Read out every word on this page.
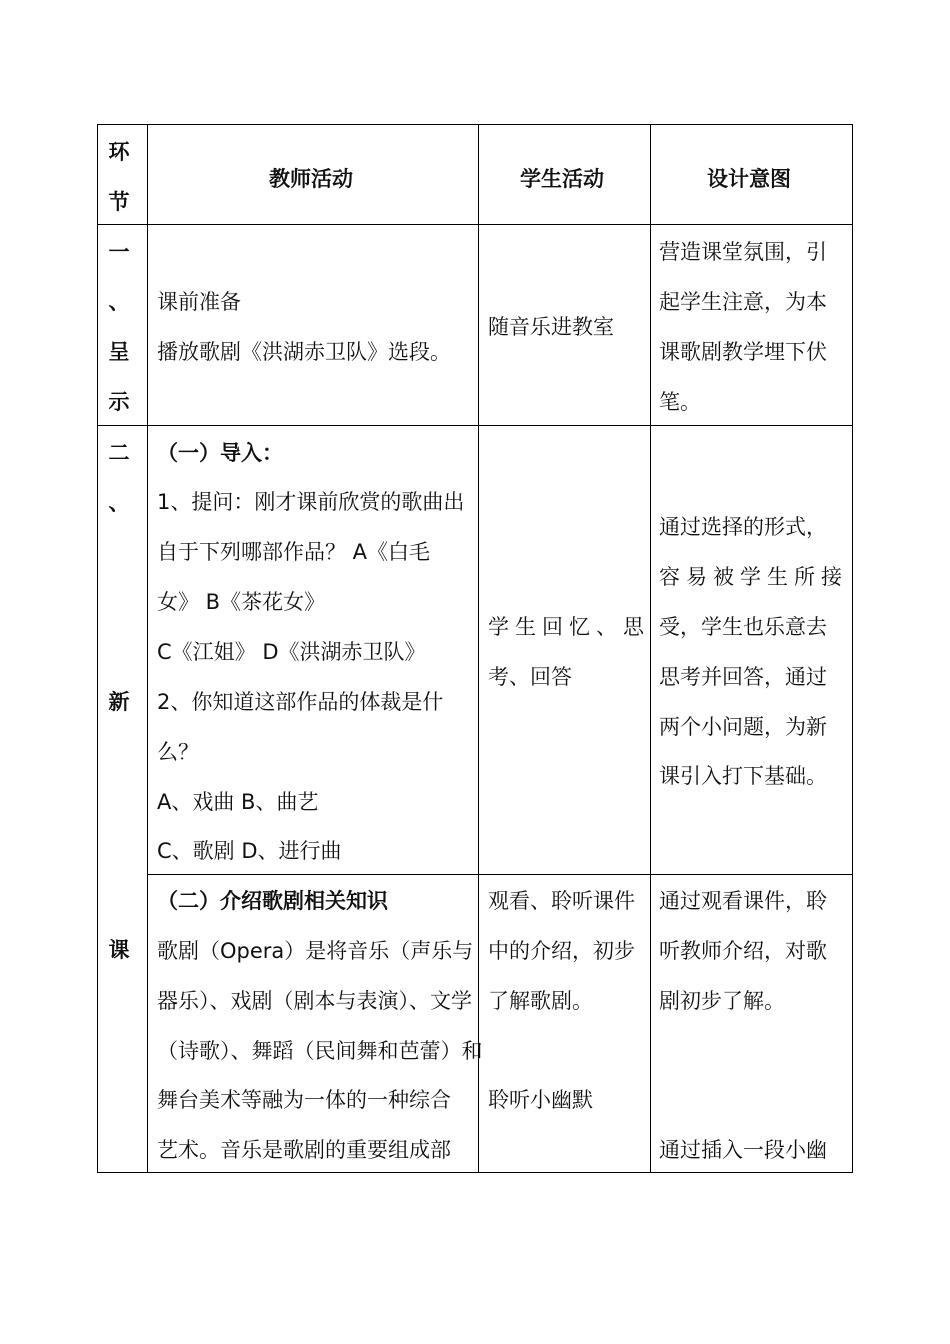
环
节
教师活动	学生活动	设计意图
一
、
呈
示
课前准备
播放歌剧《洪湖赤卫队》选段。
随音乐进教室
营造课堂氛围，引
起学生注意，为本
课歌剧教学埋下伏
笔。
二
、
新
课
（一）导入：
1、提问：刚才课前欣赏的歌曲出
自于下列哪部作品？ A《白毛
女》 B《茶花女》
C《江姐》 D《洪湖赤卫队》
2、你知道这部作品的体裁是什
么？
A、戏曲 B、曲艺
C、歌剧 D、进行曲
学生回忆、思
考、回答
通过选择的形式，
容易被学生所接
受，学生也乐意去
思考并回答，通过
两个小问题，为新
课引入打下基础。
（二）介绍歌剧相关知识
歌剧（Opera）是将音乐（声乐与
器乐）、戏剧（剧本与表演）、文学
（诗歌）、舞蹈（民间舞和芭蕾）和
舞台美术等融为一体的一种综合
艺术。音乐是歌剧的重要组成部
观看、聆听课件
中的介绍，初步
了解歌剧。
聆听小幽默
通过观看课件，聆
听教师介绍，对歌
剧初步了解。
通过插入一段小幽
